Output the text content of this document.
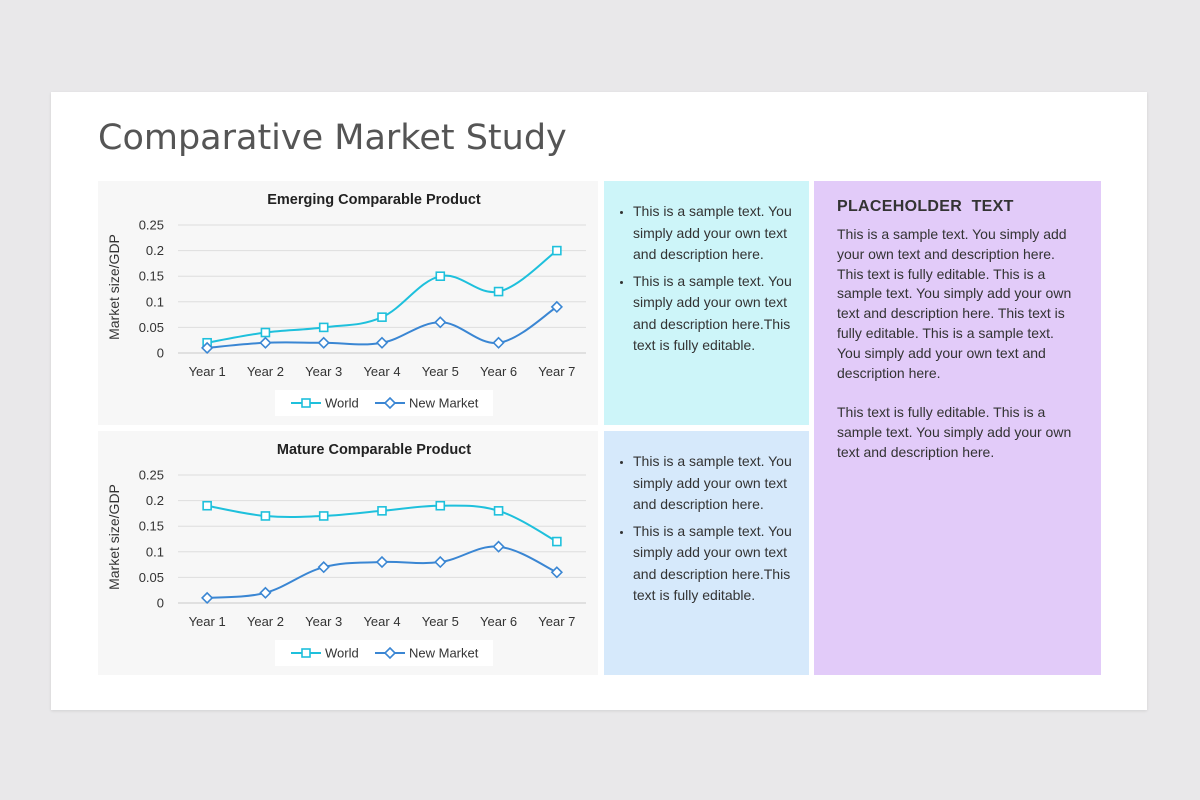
Comparative Market Study
Emerging Comparable Product
Market size/GDP
0
0.05
0.1
0.15
0.2
0.25
Year 1 Year 2 Year 3 Year 4 Year 5 Year 6 Year 7
World	New Market
Mature Comparable Product
Market size/GDP
0
0.05
0.1
0.15
0.2
0.25
Year 1 Year 2 Year 3 Year 4 Year 5 Year 6 Year 7
World	New Market
• This is a sample text. You simply add your own text and description here.
• This is a sample text. You simply add your own text and description here.This text is fully editable.
• This is a sample text. You simply add your own text and description here.
• This is a sample text. You simply add your own text and description here.This text is fully editable.
PLACEHOLDER  TEXT

This is a sample text. You simply add your own text and description here. This text is fully editable. This is a sample text. You simply add your own text and description here. This text is fully editable. This is a sample text. You simply add your own text and description here.

This text is fully editable. This is a sample text. You simply add your own text and description here.
